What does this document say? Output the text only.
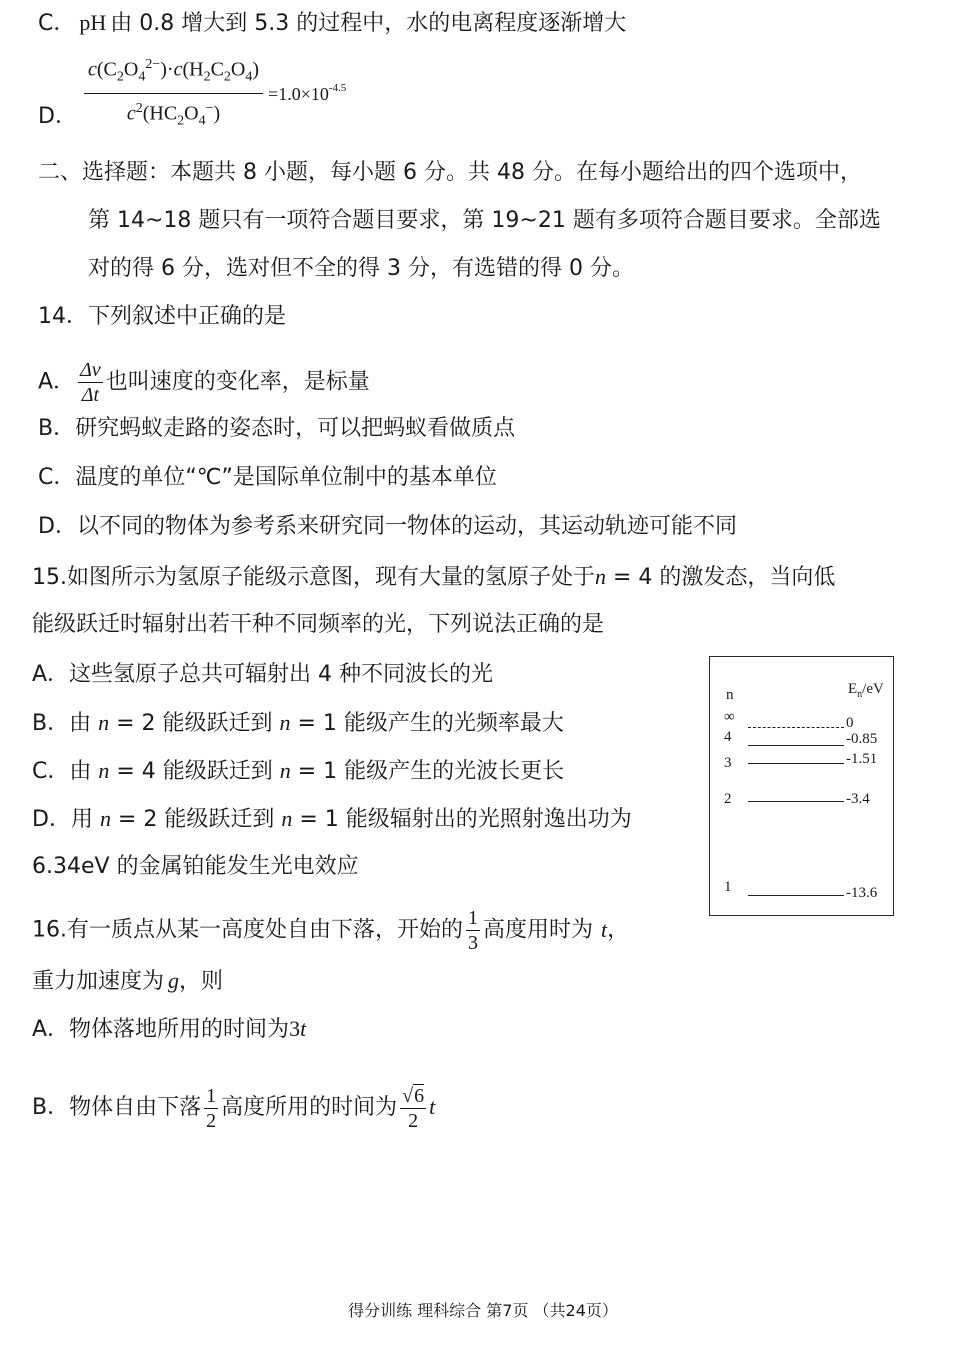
C． pH 由 0.8 增大到 5.3 的过程中，水的电离程度逐渐增大
D． $\frac{c(C_2O_4^{2-})\cdot c(H_2C_2O_4)}{c^2(HC_2O_4^-)} =1.0\times 10^{-4.5}$
二、选择题：本题共 8 小题，每小题 6 分。共 48 分。在每小题给出的四个选项中，
第 14~18 题只有一项符合题目要求，第 19~21 题有多项符合题目要求。全部选
对的得 6 分，选对但不全的得 3 分，有选错的得 0 分。
14．下列叙述中正确的是
A． $\frac{\Delta v}{\Delta t}$ 也叫速度的变化率，是标量
B．研究蚂蚁走路的姿态时，可以把蚂蚁看做质点
C．温度的单位“℃”是国际单位制中的基本单位
D．以不同的物体为参考系来研究同一物体的运动，其运动轨迹可能不同
15.如图所示为氢原子能级示意图，现有大量的氢原子处于n = 4 的激发态，当向低
能级跃迁时辐射出若干种不同频率的光，下列说法正确的是
A．这些氢原子总共可辐射出 4 种不同波长的光
B．由 n = 2 能级跃迁到 n = 1 能级产生的光频率最大
C．由 n = 4 能级跃迁到 n = 1 能级产生的光波长更长
D．用 n = 2 能级跃迁到 n = 1 能级辐射出的光照射逸出功为
6.34eV 的金属铂能发生光电效应
n	$E_n/eV$
∞	0
4	-0.85
3	-1.51
2	-3.4
1	-13.6
16.有一质点从某一高度处自由下落，开始的 $\frac{1}{3}$ 高度用时为 t，
重力加速度为 g，则
A．物体落地所用的时间为3t
B．物体自由下落 $\frac{1}{2}$ 高度所用的时间为 $\frac{√6}{2}$ t
得分训练 理科综合 第7页 （共24页）
